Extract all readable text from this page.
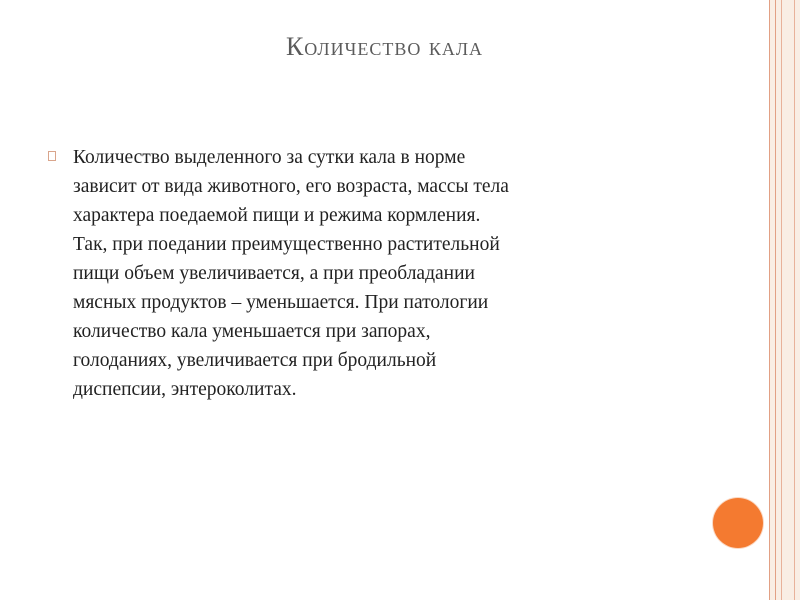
Количество кала
Количество выделенного за сутки кала в норме
зависит от вида животного, его возраста, массы тела
характера поедаемой пищи и режима кормления.
Так, при поедании преимущественно растительной
пищи объем увеличивается, а при преобладании
мясных продуктов – уменьшается. При патологии
количество кала уменьшается при запорах,
голоданиях, увеличивается при бродильной
диспепсии, энтероколитах.
